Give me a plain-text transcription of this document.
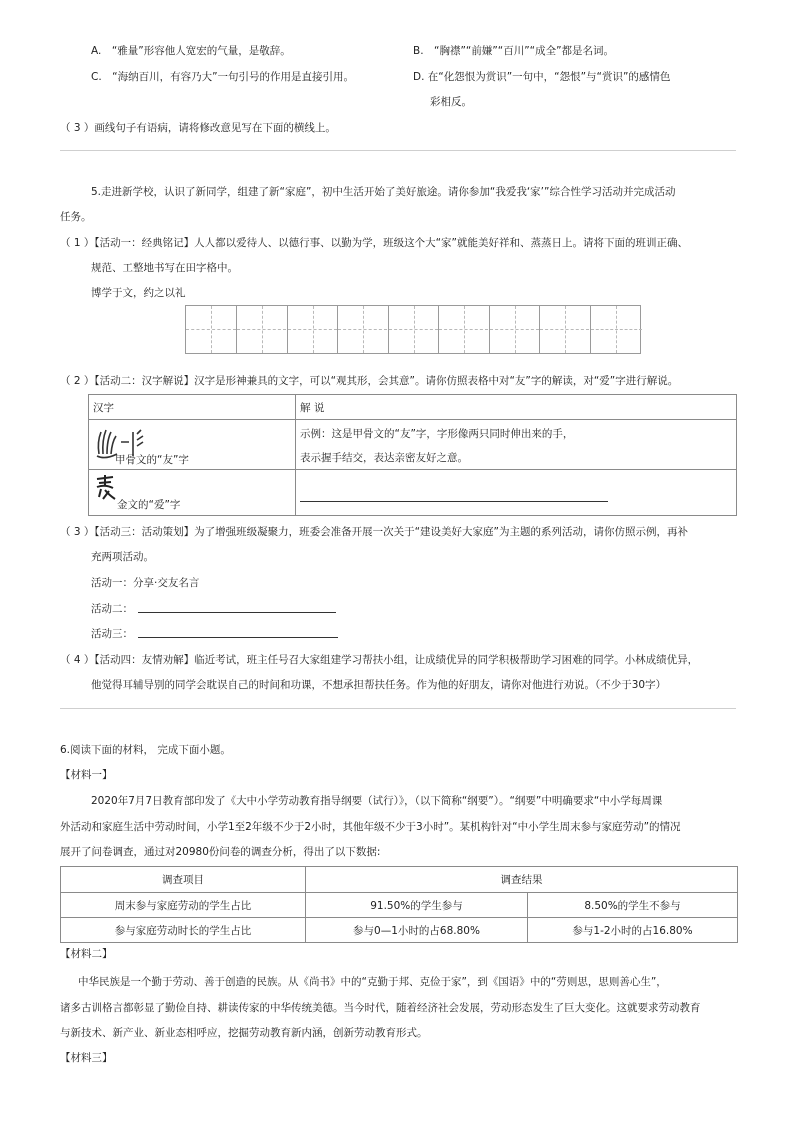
A.　“雅量”形容他人宽宏的气量，是敬辞。	B.　“胸襟”“前嫌”“百川”“成全”都是名词。
C.　“海纳百川，有容乃大”一句引号的作用是直接引用。	D. 在“化怨恨为赏识”一句中，“怨恨”与“赏识”的感情色
彩相反。
（ 3 ）画线句子有语病，请将修改意见写在下面的横线上。
5.走进新学校，认识了新同学，组建了新“家庭”，初中生活开始了美好旅途。请你参加“我爱我‘家’”综合性学习活动并完成活动
任务。
（ 1 ）【活动一：经典铭记】人人都以爱待人、以德行事、以勤为学，班级这个大“家”就能美好祥和、蒸蒸日上。请将下面的班训正确、
规范、工整地书写在田字格中。
博学于文，约之以礼
（ 2 ）【活动二：汉字解说】汉字是形神兼具的文字，可以“观其形，会其意”。请你仿照表格中对“友”字的解读，对“爱”字进行解说。
汉字	解 说

甲骨文的“友”字	示例：这是甲骨文的“友”字，字形像两只同时伸出来的手，
表示握手结交，表达亲密友好之意。

金文的“爱”字	

（ 3 ）【活动三：活动策划】为了增强班级凝聚力，班委会准备开展一次关于“建设美好大家庭”为主题的系列活动，请你仿照示例，再补
充两项活动。
活动一：分享·交友名言
活动二：
活动三：
（ 4 ）【活动四：友情劝解】临近考试，班主任号召大家组建学习帮扶小组，让成绩优异的同学积极帮助学习困难的同学。小林成绩优异，
他觉得耳辅导别的同学会耽误自己的时间和功课，不想承担帮扶任务。作为他的好朋友，请你对他进行劝说。（不少于30字）
6.阅读下面的材料， 完成下面小题。
【材料一】
2020年7月7日教育部印发了《大中小学劳动教育指导纲要（试行）》，（以下简称“纲要”）。“纲要”中明确要求“中小学每周课
外活动和家庭生活中劳动时间，小学1至2年级不少于2小时，其他年级不少于3小时”。某机构针对“中小学生周末参与家庭劳动”的情况
展开了问卷调查，通过对20980份问卷的调查分析，得出了以下数据:
调查项目	调查结果	
周末参与家庭劳动的学生占比	91.50%的学生参与	8.50%的学生不参与
参与家庭劳动时长的学生占比	参与0—1小时的占68.80%	参与1-2小时的占16.80%
【材料二】
中华民族是一个勤于劳动、善于创造的民族。从《尚书》中的“克勤于邦、克俭于家”，到《国语》中的“劳则思，思则善心生”，
诸多古训格言都彰显了勤俭自持、耕读传家的中华传统美德。当今时代，随着经济社会发展，劳动形态发生了巨大变化。这就要求劳动教育
与新技术、新产业、新业态相呼应，挖掘劳动教育新内涵，创新劳动教育形式。
【材料三】
